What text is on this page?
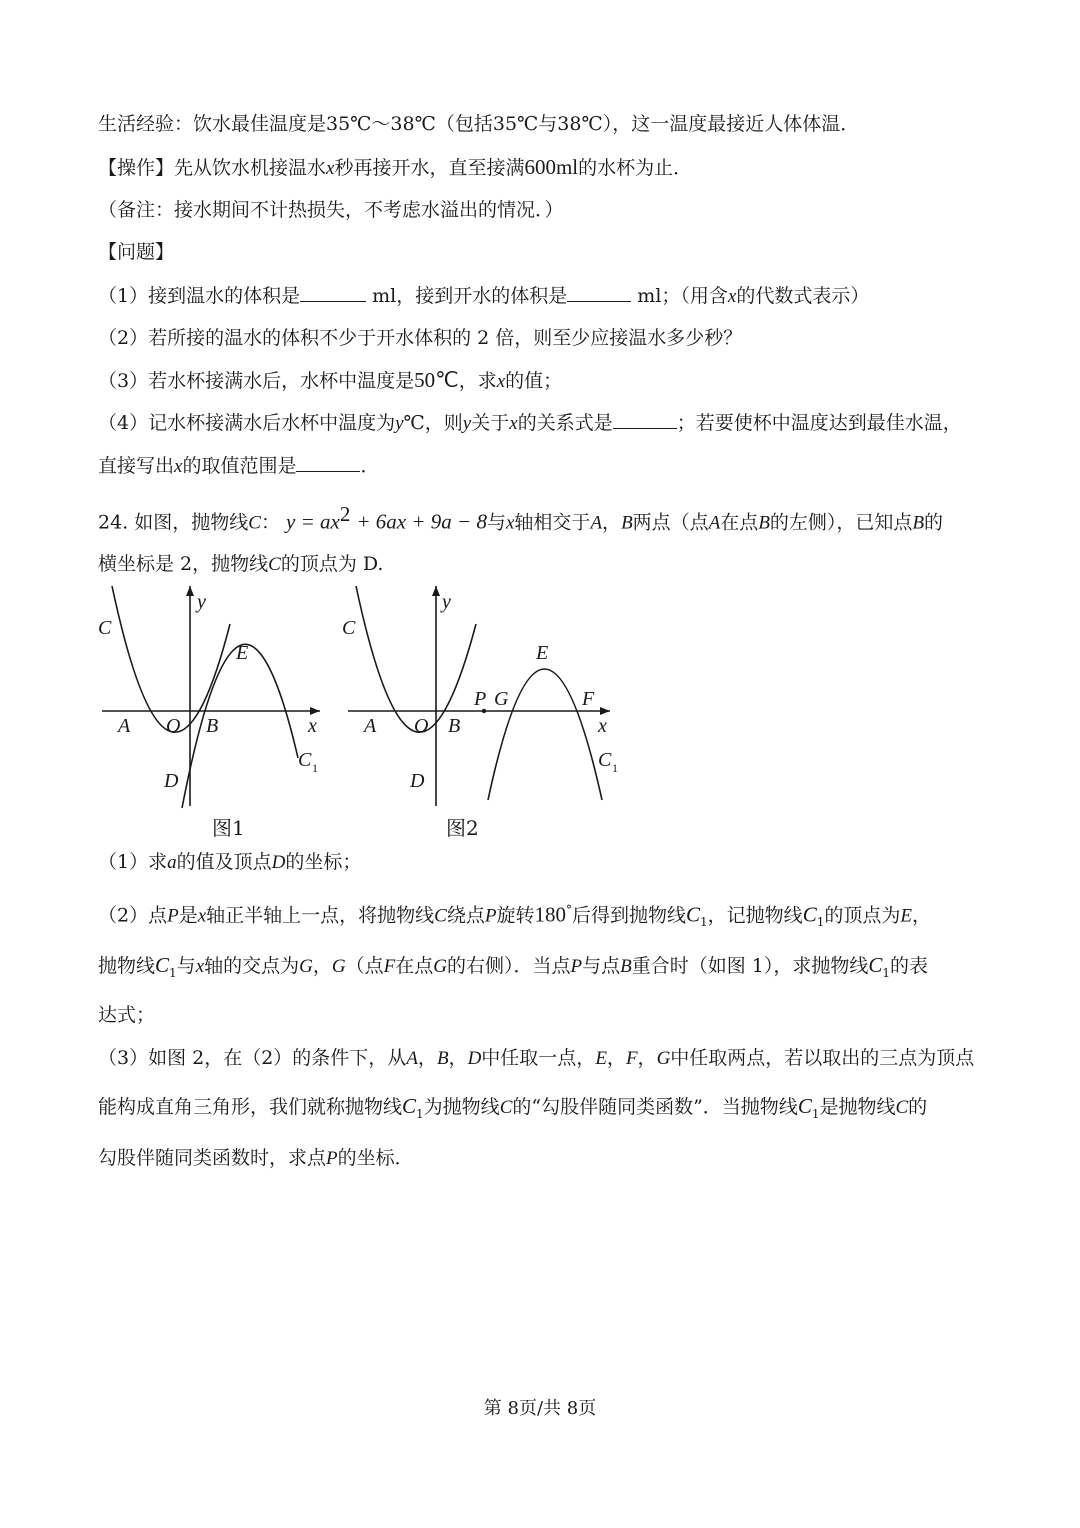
生活经验：饮水最佳温度是35℃～38℃（包括35℃与38℃），这一温度最接近人体体温．
【操作】先从饮水机接温水x秒再接开水，直至接满600ml的水杯为止．
（备注：接水期间不计热损失，不考虑水溢出的情况．）
【问题】
（1）接到温水的体积是	ml，接到开水的体积是	ml；（用含x的代数式表示）
（2）若所接的温水的体积不少于开水体积的 2 倍，则至少应接温水多少秒？
（3）若水杯接满水后，水杯中温度是50℃，求x的值；
（4）记水杯接满水后水杯中温度为y℃，则y关于x的关系式是	；若要使杯中温度达到最佳水温，
直接写出x的取值范围是	．
24. 如图，抛物线C： $y = ax^2 + 6ax + 9a - 8$与x轴相交于A，B两点（点A在点B的左侧），已知点B的
横坐标是 2，抛物线C的顶点为 D.
y
C
E
A O B	x
D
C 1
图1
y
C
E
P G	F
A O B	x
D
C 1
图2
（1）求a的值及顶点D的坐标；
（2）点P是x轴正半轴上一点，将抛物线C绕点P旋转180°后得到抛物线$C_1$，记抛物线$C_1$的顶点为E，
抛物线$C_1$与x轴的交点为G，G（点F在点G的右侧）．当点P与点B重合时（如图 1），求抛物线$C_1$的表
达式；
（3）如图 2，在（2）的条件下，从A，B，D中任取一点，E，F，G中任取两点，若以取出的三点为顶点
能构成直角三角形，我们就称抛物线$C_1$为抛物线C的“勾股伴随同类函数”．当抛物线$C_1$是抛物线C的
勾股伴随同类函数时，求点P的坐标．
第 8页/共 8页
